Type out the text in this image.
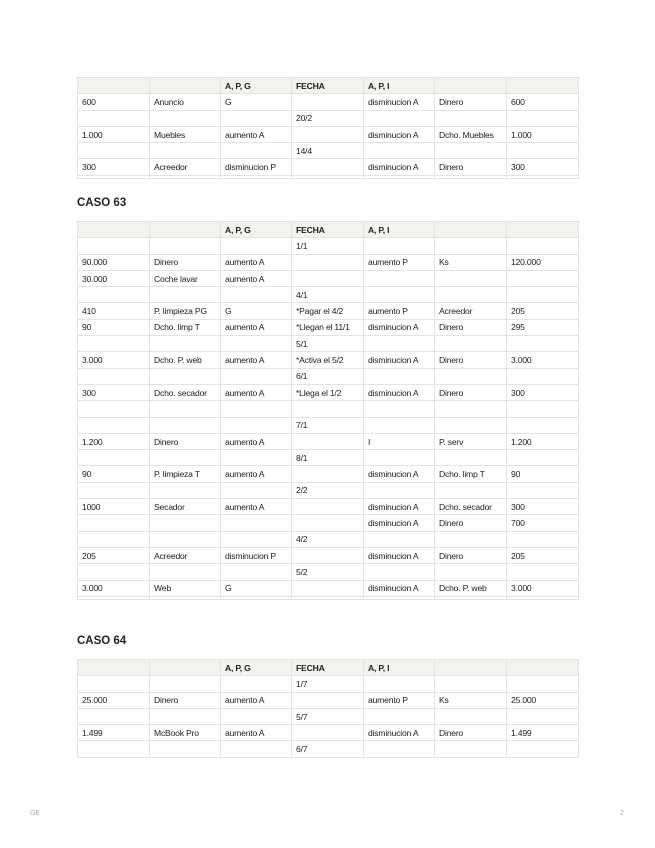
		A, P, G	FECHA	A, P, I		
600	Anuncio	G		disminucion A	Dinero	600
			20/2			
1.000	Muebles	aumento A		disminucion A	Dcho. Muebles	1.000
			14/4			
300	Acreedor	disminucion P		disminucion A	Dinero	300

CASO 63
		A, P, G	FECHA	A, P, I		
			1/1			
90.000	Dinero	aumento A		aumento P	Ks	120.000
30.000	Coche lavar	aumento A				
			4/1			
410	P. limpieza PG	G	*Pagar el 4/2	aumento P	Acreedor	205
90	Dcho. limp T	aumento A	*Llegan el 11/1	disminucion A	Dinero	295
			5/1			
3.000	Dcho. P. web	aumento A	*Activa el 5/2	disminucion A	Dinero	3.000
			6/1			
300	Dcho. secador	aumento A	*Llega el 1/2	disminucion A	Dinero	300

			7/1			
1.200	Dinero	aumento A		I	P. serv	1.200
			8/1			
90	P. limpieza T	aumento A		disminucion A	Dcho. limp T	90
			2/2			
1000	Secador	aumento A		disminucion A	Dcho. secador	300
				disminucion A	Dinero	700
			4/2			
205	Acreedor	disminucion P		disminucion A	Dinero	205
			5/2			
3.000	Web	G		disminucion A	Dcho. P. web	3.000

CASO 64
		A, P, G	FECHA	A, P, I		
			1/7			
25.000	Dinero	aumento A		aumento P	Ks	25.000
			5/7			
1.499	McBook Pro	aumento A		disminucion A	Dinero	1.499
			6/7			
GE	2
